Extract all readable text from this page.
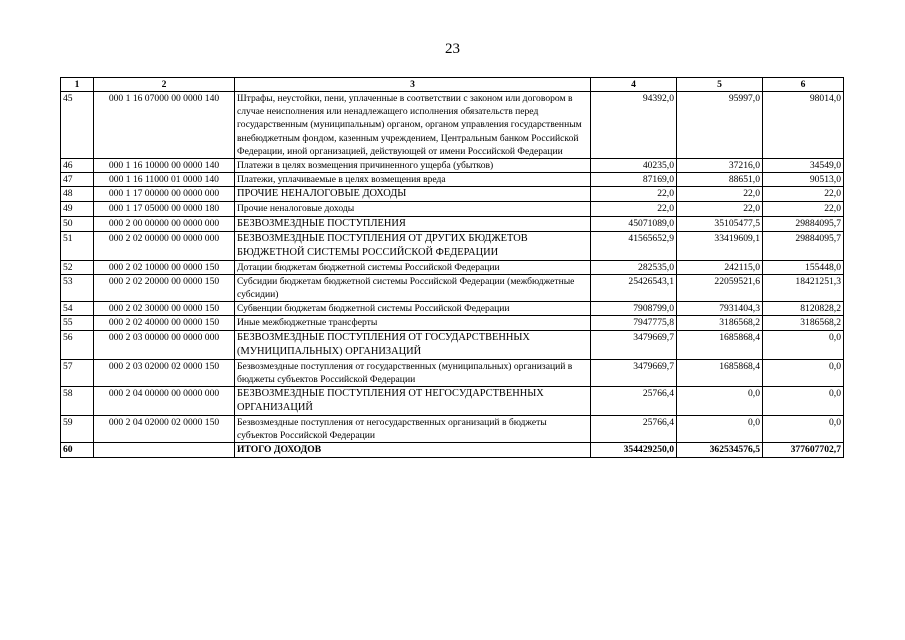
23
1	2	3	4	5	6
45	000 1 16 07000 00 0000 140	Штрафы, неустойки, пени, уплаченные в соответствии с законом или договором в случае неисполнения или ненадлежащего исполнения обязательств перед государственным (муниципальным) органом, органом управления государственным внебюджетным фондом, казенным учреждением, Центральным банком Российской Федерации, иной организацией, действующей от имени Российской Федерации	94392,0	95997,0	98014,0
46	000 1 16 10000 00 0000 140	Платежи в целях возмещения причиненного ущерба (убытков)	40235,0	37216,0	34549,0
47	000 1 16 11000 01 0000 140	Платежи, уплачиваемые в целях возмещения вреда	87169,0	88651,0	90513,0
48	000 1 17 00000 00 0000 000	ПРОЧИЕ НЕНАЛОГОВЫЕ ДОХОДЫ	22,0	22,0	22,0
49	000 1 17 05000 00 0000 180	Прочие неналоговые доходы	22,0	22,0	22,0
50	000 2 00 00000 00 0000 000	БЕЗВОЗМЕЗДНЫЕ ПОСТУПЛЕНИЯ	45071089,0	35105477,5	29884095,7
51	000 2 02 00000 00 0000 000	БЕЗВОЗМЕЗДНЫЕ ПОСТУПЛЕНИЯ ОТ ДРУГИХ БЮДЖЕТОВ БЮДЖЕТНОЙ СИСТЕМЫ РОССИЙСКОЙ ФЕДЕРАЦИИ	41565652,9	33419609,1	29884095,7
52	000 2 02 10000 00 0000 150	Дотации бюджетам бюджетной системы Российской Федерации	282535,0	242115,0	155448,0
53	000 2 02 20000 00 0000 150	Субсидии бюджетам бюджетной системы Российской Федерации (межбюджетные субсидии)	25426543,1	22059521,6	18421251,3
54	000 2 02 30000 00 0000 150	Субвенции бюджетам бюджетной системы Российской Федерации	7908799,0	7931404,3	8120828,2
55	000 2 02 40000 00 0000 150	Иные межбюджетные трансферты	7947775,8	3186568,2	3186568,2
56	000 2 03 00000 00 0000 000	БЕЗВОЗМЕЗДНЫЕ ПОСТУПЛЕНИЯ ОТ ГОСУДАРСТВЕННЫХ (МУНИЦИПАЛЬНЫХ) ОРГАНИЗАЦИЙ	3479669,7	1685868,4	0,0
57	000 2 03 02000 02 0000 150	Безвозмездные поступления от государственных (муниципальных) организаций в бюджеты субъектов Российской Федерации	3479669,7	1685868,4	0,0
58	000 2 04 00000 00 0000 000	БЕЗВОЗМЕЗДНЫЕ ПОСТУПЛЕНИЯ ОТ НЕГОСУДАРСТВЕННЫХ ОРГАНИЗАЦИЙ	25766,4	0,0	0,0
59	000 2 04 02000 02 0000 150	Безвозмездные поступления от негосударственных организаций в бюджеты субъектов Российской Федерации	25766,4	0,0	0,0
60		ИТОГО ДОХОДОВ	354429250,0	362534576,5	377607702,7
